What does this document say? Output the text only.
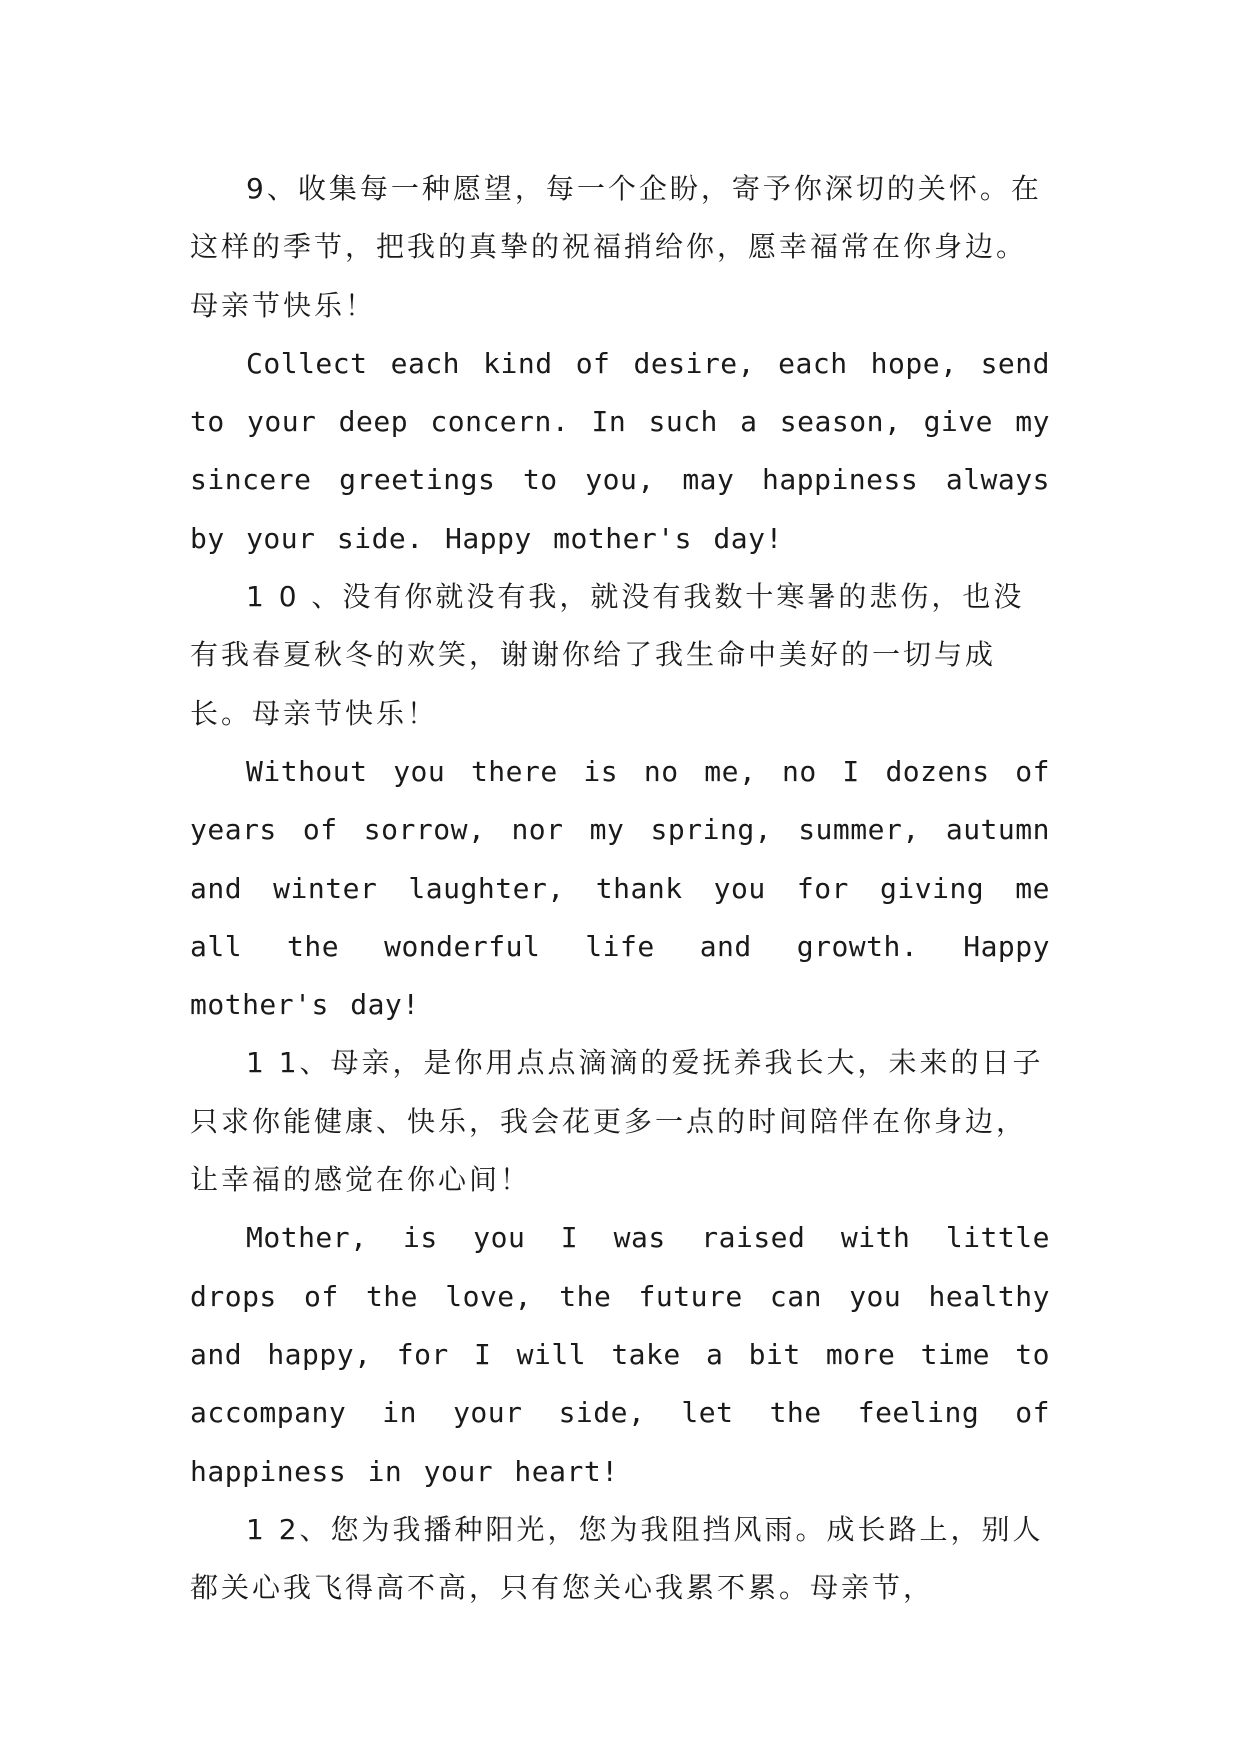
9、收集每一种愿望，每一个企盼，寄予你深切的关怀。在这样的季节，把我的真挚的祝福捎给你，愿幸福常在你身边。母亲节快乐！

Collect each kind of desire, each hope, send to your deep concern. In such a season, give my sincere greetings to you, may happiness always by your side. Happy mother's day!

1 0 、没有你就没有我，就没有我数十寒暑的悲伤，也没有我春夏秋冬的欢笑，谢谢你给了我生命中美好的一切与成长。母亲节快乐！

Without you there is no me, no I dozens of years of sorrow, nor my spring, summer, autumn and winter laughter, thank you for giving me all the wonderful life and growth. Happy mother's day!

1 1、母亲，是你用点点滴滴的爱抚养我长大，未来的日子只求你能健康、快乐，我会花更多一点的时间陪伴在你身边，让幸福的感觉在你心间！

Mother, is you I was raised with little drops of the love, the future can you healthy and happy, for I will take a bit more time to accompany in your side, let the feeling of happiness in your heart!

1 2、您为我播种阳光，您为我阻挡风雨。成长路上，别人都关心我飞得高不高，只有您关心我累不累。母亲节，
